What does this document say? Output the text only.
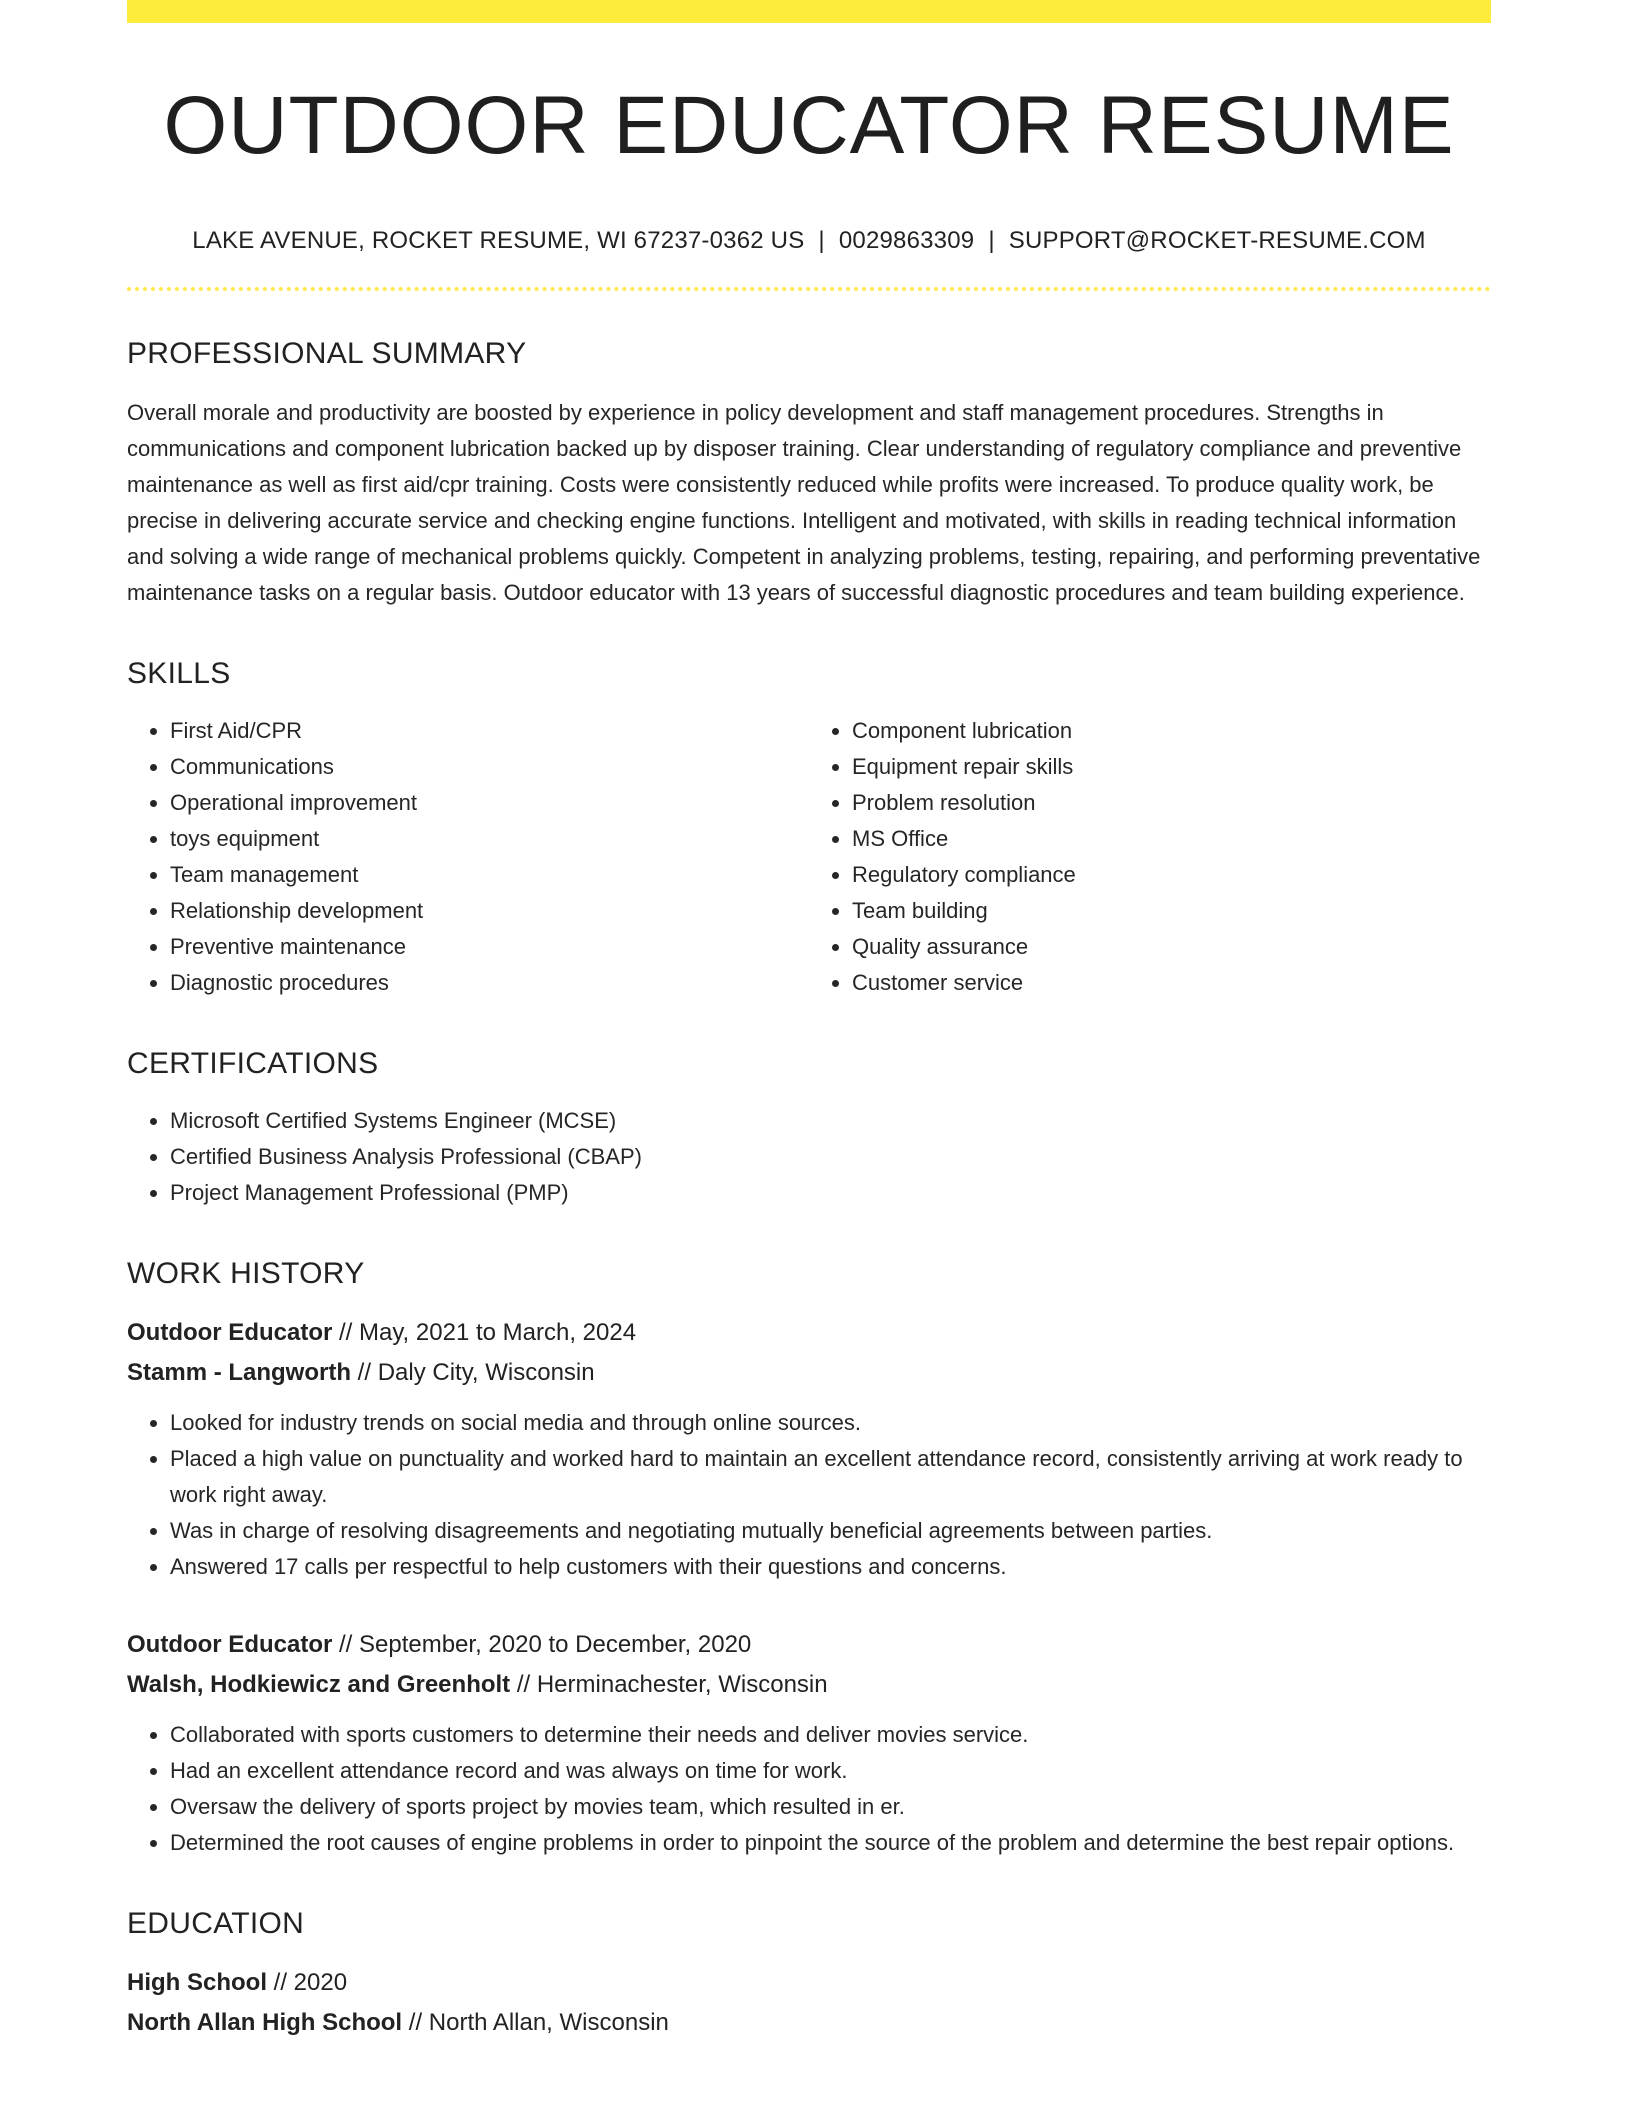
OUTDOOR EDUCATOR RESUME
LAKE AVENUE, ROCKET RESUME, WI 67237-0362 US | 0029863309 | SUPPORT@ROCKET-RESUME.COM
PROFESSIONAL SUMMARY
Overall morale and productivity are boosted by experience in policy development and staff management procedures. Strengths in communications and component lubrication backed up by disposer training. Clear understanding of regulatory compliance and preventive maintenance as well as first aid/cpr training. Costs were consistently reduced while profits were increased. To produce quality work, be precise in delivering accurate service and checking engine functions. Intelligent and motivated, with skills in reading technical information and solving a wide range of mechanical problems quickly. Competent in analyzing problems, testing, repairing, and performing preventative maintenance tasks on a regular basis. Outdoor educator with 13 years of successful diagnostic procedures and team building experience.
SKILLS
• First Aid/CPR
• Communications
• Operational improvement
• toys equipment
• Team management
• Relationship development
• Preventive maintenance
• Diagnostic procedures
• Component lubrication
• Equipment repair skills
• Problem resolution
• MS Office
• Regulatory compliance
• Team building
• Quality assurance
• Customer service
CERTIFICATIONS
• Microsoft Certified Systems Engineer (MCSE)
• Certified Business Analysis Professional (CBAP)
• Project Management Professional (PMP)
WORK HISTORY
Outdoor Educator // May, 2021 to March, 2024
Stamm - Langworth // Daly City, Wisconsin
• Looked for industry trends on social media and through online sources.
• Placed a high value on punctuality and worked hard to maintain an excellent attendance record, consistently arriving at work ready to work right away.
• Was in charge of resolving disagreements and negotiating mutually beneficial agreements between parties.
• Answered 17 calls per respectful to help customers with their questions and concerns.
Outdoor Educator // September, 2020 to December, 2020
Walsh, Hodkiewicz and Greenholt // Herminachester, Wisconsin
• Collaborated with sports customers to determine their needs and deliver movies service.
• Had an excellent attendance record and was always on time for work.
• Oversaw the delivery of sports project by movies team, which resulted in er.
• Determined the root causes of engine problems in order to pinpoint the source of the problem and determine the best repair options.
EDUCATION
High School // 2020
North Allan High School // North Allan, Wisconsin
